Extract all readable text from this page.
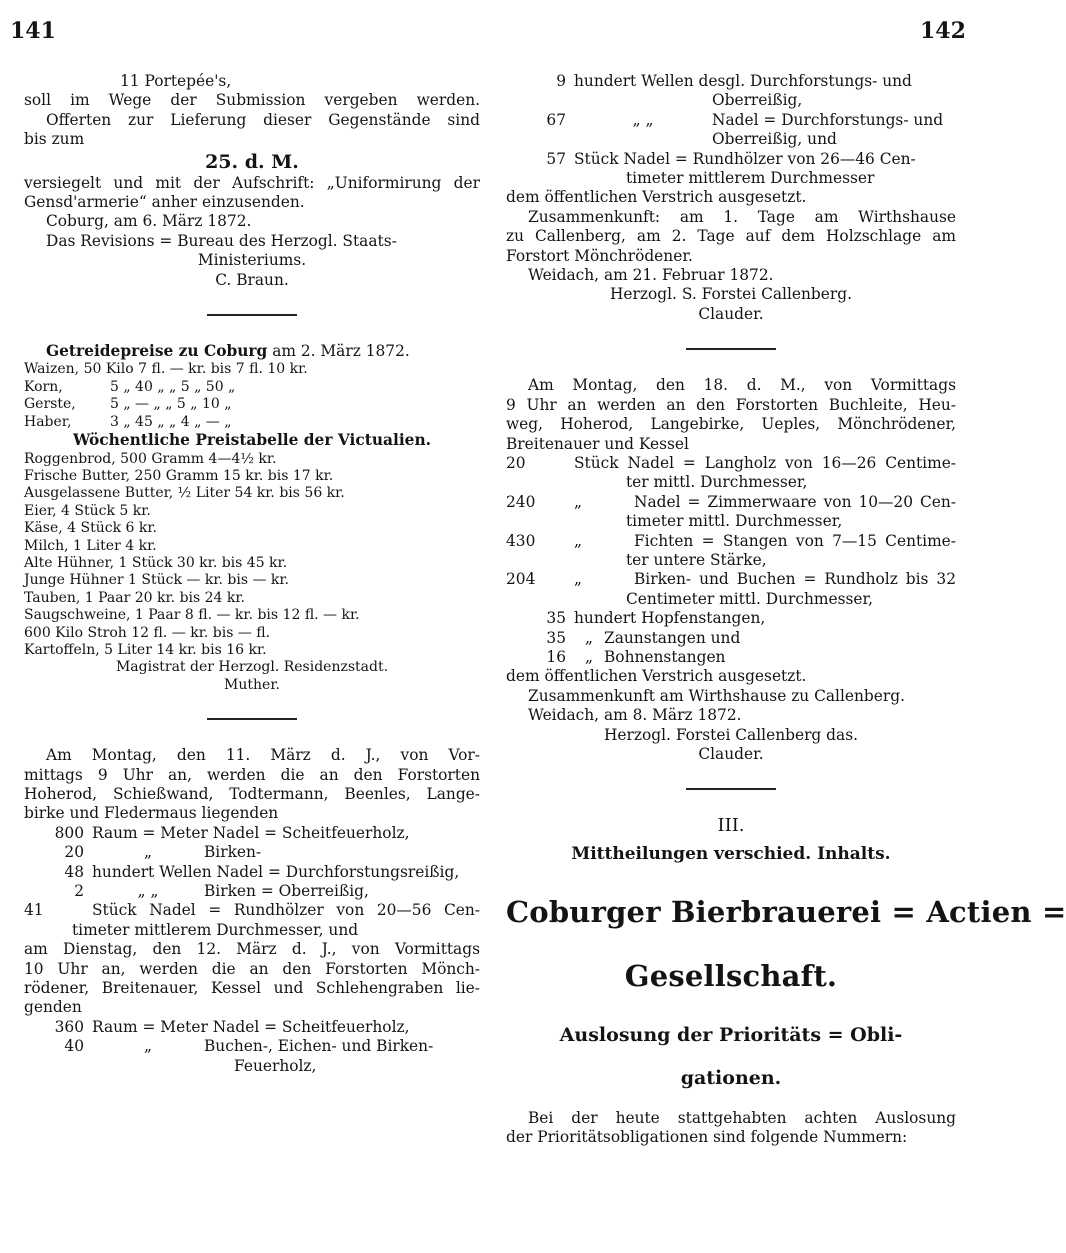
141	142

11 Portepée's,

soll im Wege der Submission vergeben werden.

Offerten zur Lieferung dieser Gegenstände sind

bis zum

25. d. M.

versiegelt und mit der Aufschrift: „Uniformirung der

Gensd'armerie“ anher einzusenden.

Coburg, am 6. März 1872.

Das Revisions = Bureau des Herzogl. Staats-

Ministeriums.

C. Braun.

Getreidepreise zu Coburg am 2. März 1872.

Waizen, 50 Kilo 7 fl. — kr. bis 7 fl. 10 kr.

Korn,	5 „ 40 „ „ 5 „ 50 „

Gerste, 5 „ — „ „ 5 „ 10 „

Haber,	3 „ 45 „ „ 4 „ — „

Wöchentliche Preistabelle der Victualien.

Roggenbrod, 500 Gramm 4—4½ kr.

Frische Butter, 250 Gramm 15 kr. bis 17 kr.

Ausgelassene Butter, ½ Liter 54 kr. bis 56 kr.

Eier, 4 Stück 5 kr.

Käse, 4 Stück 6 kr.

Milch, 1 Liter 4 kr.

Alte Hühner, 1 Stück 30 kr. bis 45 kr.

Junge Hühner 1 Stück — kr. bis — kr.

Tauben, 1 Paar 20 kr. bis 24 kr.

Saugschweine, 1 Paar 8 fl. — kr. bis 12 fl. — kr.

600 Kilo Stroh 12 fl. — kr. bis — fl.

Kartoffeln, 5 Liter 14 kr. bis 16 kr.

Magistrat der Herzogl. Residenzstadt.

Muther.

Am Montag, den 11. März d. J., von Vor-

mittags 9 Uhr an, werden die an den Forstorten

Hoherod, Schießwand, Todtermann, Beenles, Lange-

birke und Fledermaus liegenden

800 Raum = Meter Nadel = Scheitfeuerholz,

20	„	Birken-

48 hundert Wellen Nadel = Durchforstungsreißig,

2	„ „	Birken = Oberreißig,

41	Stück Nadel = Rundhölzer von 20—56 Cen-

timeter mittlerem Durchmesser, und

am Dienstag, den 12. März d. J., von Vormittags

10 Uhr an, werden die an den Forstorten Mönch-

rödener, Breitenauer, Kessel und Schlehengraben lie-

genden

360 Raum = Meter Nadel = Scheitfeuerholz,

40	„	Buchen-, Eichen- und Birken-

Feuerholz,

9 hundert Wellen desgl. Durchforstungs- und

Oberreißig,

67	„ „	Nadel = Durchforstungs- und

Oberreißig, und

57 Stück Nadel = Rundhölzer von 26—46 Cen-

timeter mittlerem Durchmesser

dem öffentlichen Verstrich ausgesetzt.

Zusammenkunft: am 1. Tage am Wirthshause

zu Callenberg, am 2. Tage auf dem Holzschlage am

Forstort Mönchrödener.

Weidach, am 21. Februar 1872.

Herzogl. S. Forstei Callenberg.

Clauder.

Am Montag, den 18. d. M., von Vormittags

9 Uhr an werden an den Forstorten Buchleite, Heu-

weg, Hoherod, Langebirke, Ueples, Mönchrödener,

Breitenauer und Kessel

20	Stück Nadel = Langholz von 16—26 Centime-

ter mittl. Durchmesser,

240	„	Nadel = Zimmerwaare von 10—20 Cen-

timeter mittl. Durchmesser,

430	„	Fichten = Stangen von 7—15 Centime-

ter untere Stärke,

204	„	Birken- und Buchen = Rundholz bis 32

Centimeter mittl. Durchmesser,

35 hundert Hopfenstangen,

35 „ Zaunstangen und

16 „ Bohnenstangen

dem öffentlichen Verstrich ausgesetzt.

Zusammenkunft am Wirthshause zu Callenberg.

Weidach, am 8. März 1872.

Herzogl. Forstei Callenberg das.

Clauder.

III.

Mittheilungen verschied. Inhalts.

Coburger Bierbrauerei = Actien =

Gesellschaft.

Auslosung der Prioritäts = Obli-

gationen.

Bei der heute stattgehabten achten Auslosung

der Prioritätsobligationen sind folgende Nummern:
